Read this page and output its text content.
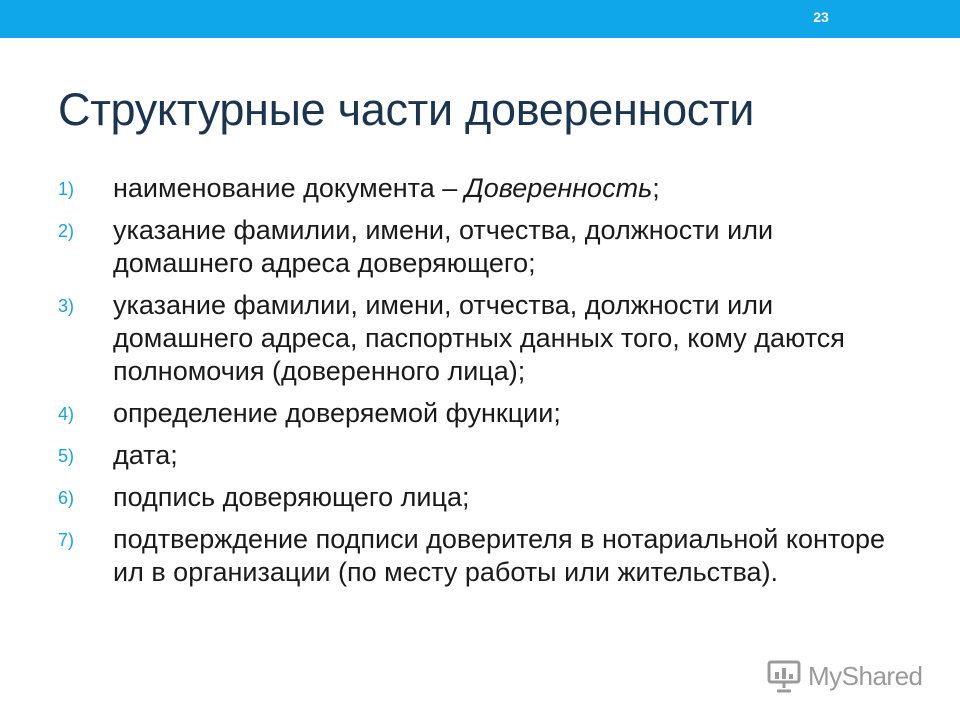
23
Структурные части доверенности
1) наименование документа – Доверенность;
2) указание фамилии, имени, отчества, должности или домашнего адреса доверяющего;
3) указание фамилии, имени, отчества, должности или домашнего адреса, паспортных данных того, кому даются полномочия (доверенного лица);
4) определение доверяемой функции;
5) дата;
6) подпись доверяющего лица;
7) подтверждение подписи доверителя в нотариальной конторе ил в организации (по месту работы или жительства).
MyShared
